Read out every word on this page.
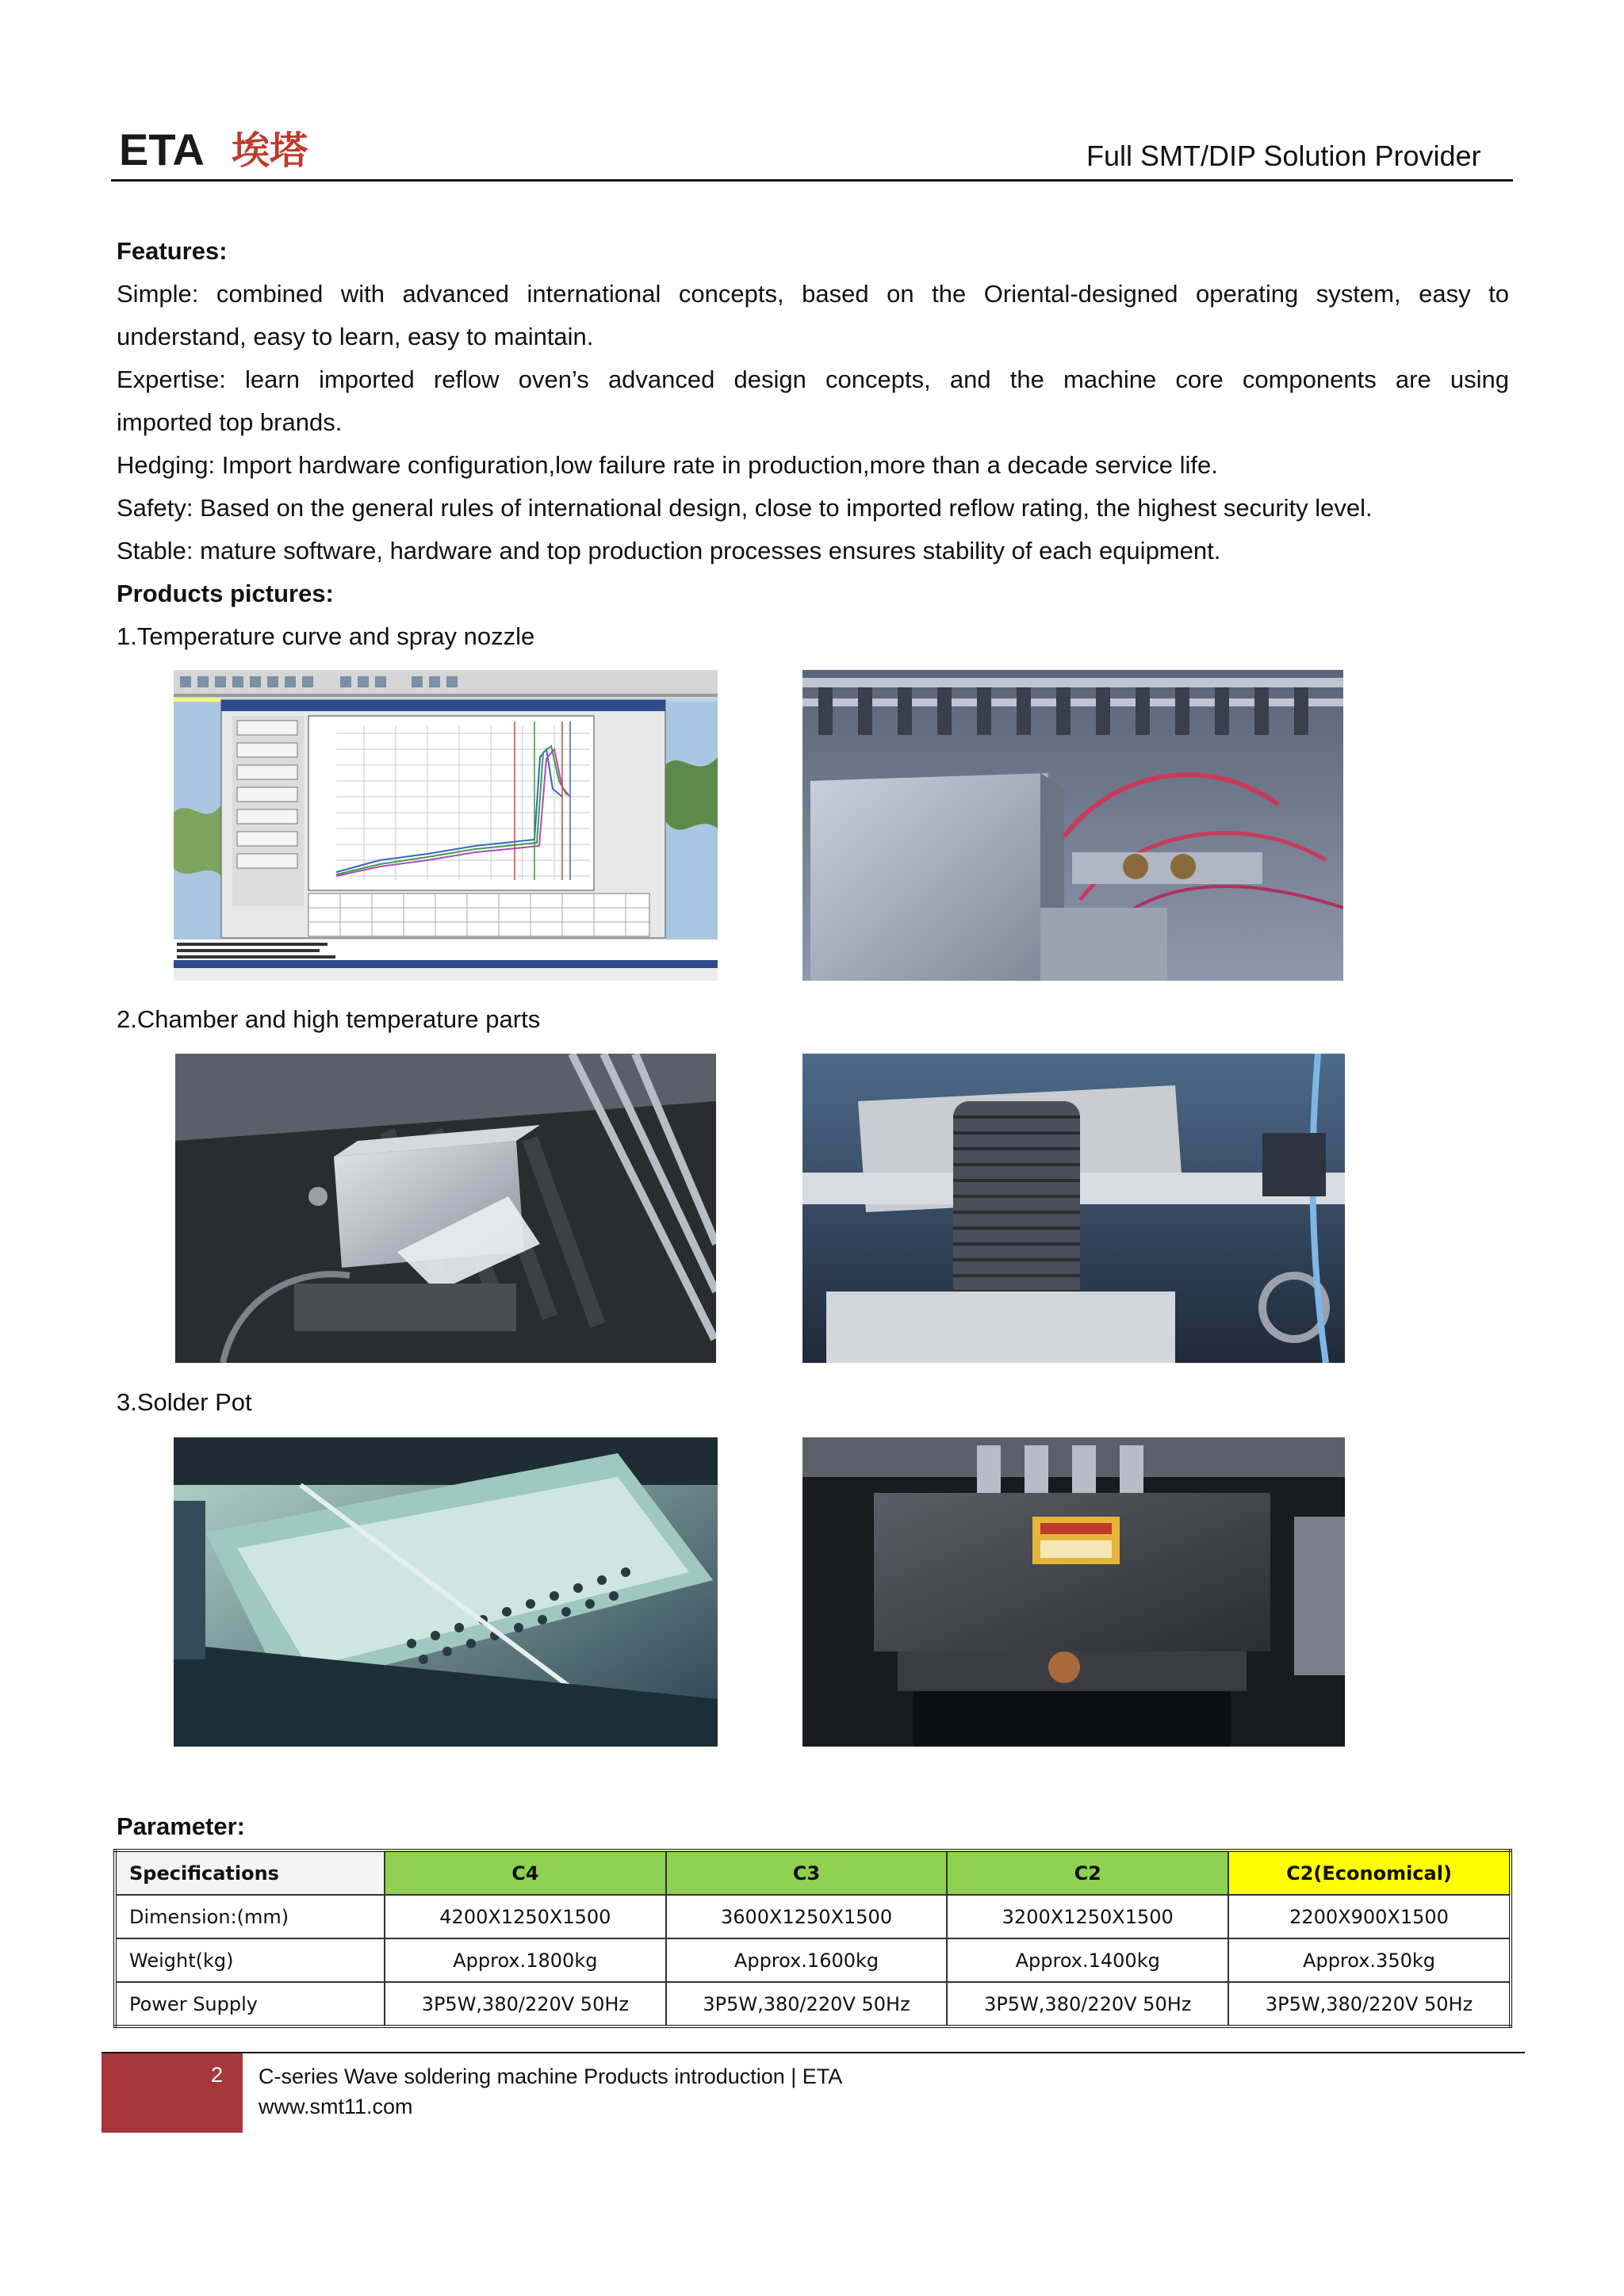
ETA 埃塔	Full SMT/DIP Solution Provider
Features:
Simple: combined with advanced international concepts, based on the Oriental-designed operating system, easy to
understand, easy to learn, easy to maintain.
Expertise: learn imported reflow oven’s advanced design concepts, and the machine core components are using
imported top brands.
Hedging: Import hardware configuration,low failure rate in production,more than a decade service life.
Safety: Based on the general rules of international design, close to imported reflow rating, the highest security level.
Stable: mature software, hardware and top production processes ensures stability of each equipment.
Products pictures:
1.Temperature curve and spray nozzle
2.Chamber and high temperature parts
3.Solder Pot
Parameter:
Specifications	C4	C3	C2	C2(Economical)
Dimension:(mm)	4200X1250X1500	3600X1250X1500	3200X1250X1500	2200X900X1500
Weight(kg)	Approx.1800kg	Approx.1600kg	Approx.1400kg	Approx.350kg
Power Supply	3P5W,380/220V 50Hz	3P5W,380/220V 50Hz	3P5W,380/220V 50Hz	3P5W,380/220V 50Hz
2 C-series Wave soldering machine Products introduction | ETA
www.smt11.com
